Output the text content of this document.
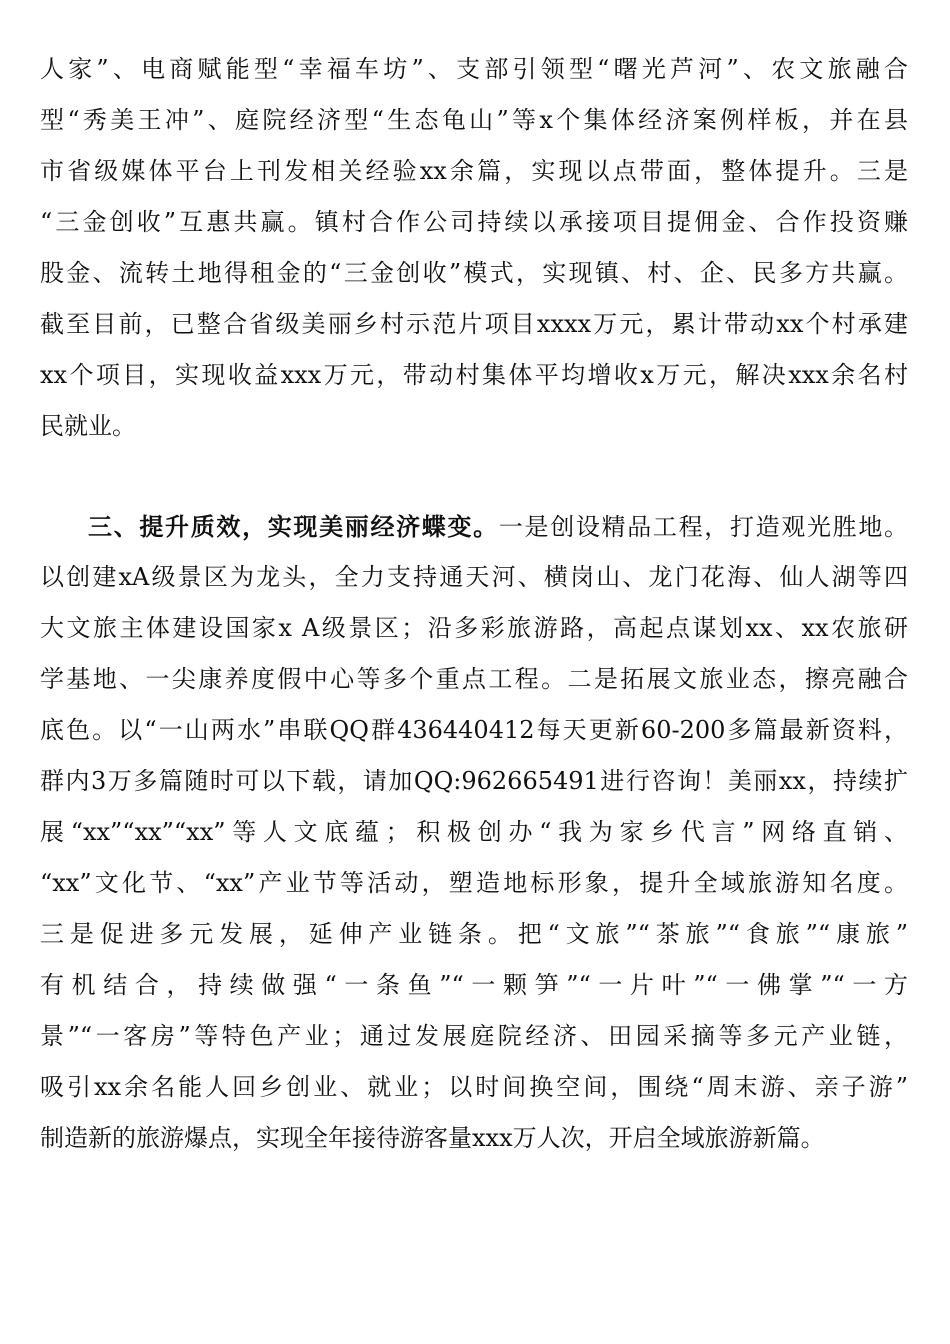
人家”、电商赋能型“幸福车坊”、支部引领型“曙光芦河”、农文旅融合
型“秀美王冲”、庭院经济型“生态龟山”等x个集体经济案例样板，并在县
市省级媒体平台上刊发相关经验xx余篇，实现以点带面，整体提升。三是
“三金创收”互惠共赢。镇村合作公司持续以承接项目提佣金、合作投资赚
股金、流转土地得租金的“三金创收”模式，实现镇、村、企、民多方共赢。
截至目前，已整合省级美丽乡村示范片项目xxxx万元，累计带动xx个村承建
xx个项目，实现收益xxx万元，带动村集体平均增收x万元，解决xxx余名村
民就业。
三、提升质效，实现美丽经济蝶变。一是创设精品工程，打造观光胜地。
以创建xA级景区为龙头，全力支持通天河、横岗山、龙门花海、仙人湖等四
大文旅主体建设国家x A级景区；沿多彩旅游路，高起点谋划xx、xx农旅研
学基地、一尖康养度假中心等多个重点工程。二是拓展文旅业态，擦亮融合
底色。以“一山两水”串联QQ群436440412每天更新60-200多篇最新资料，
群内3万多篇随时可以下载，请加QQ:962665491进行咨询！美丽xx，持续扩
展“xx”“xx”“xx”等人文底蕴；积极创办“我为家乡代言”网络直销、
“xx”文化节、“xx”产业节等活动，塑造地标形象，提升全域旅游知名度。
三是促进多元发展，延伸产业链条。把“文旅”“茶旅”“食旅”“康旅”
有机结合，持续做强“一条鱼”“一颗笋”“一片叶”“一佛掌”“一方
景”“一客房”等特色产业；通过发展庭院经济、田园采摘等多元产业链，
吸引xx余名能人回乡创业、就业；以时间换空间，围绕“周末游、亲子游”
制造新的旅游爆点，实现全年接待游客量xxx万人次，开启全域旅游新篇。
